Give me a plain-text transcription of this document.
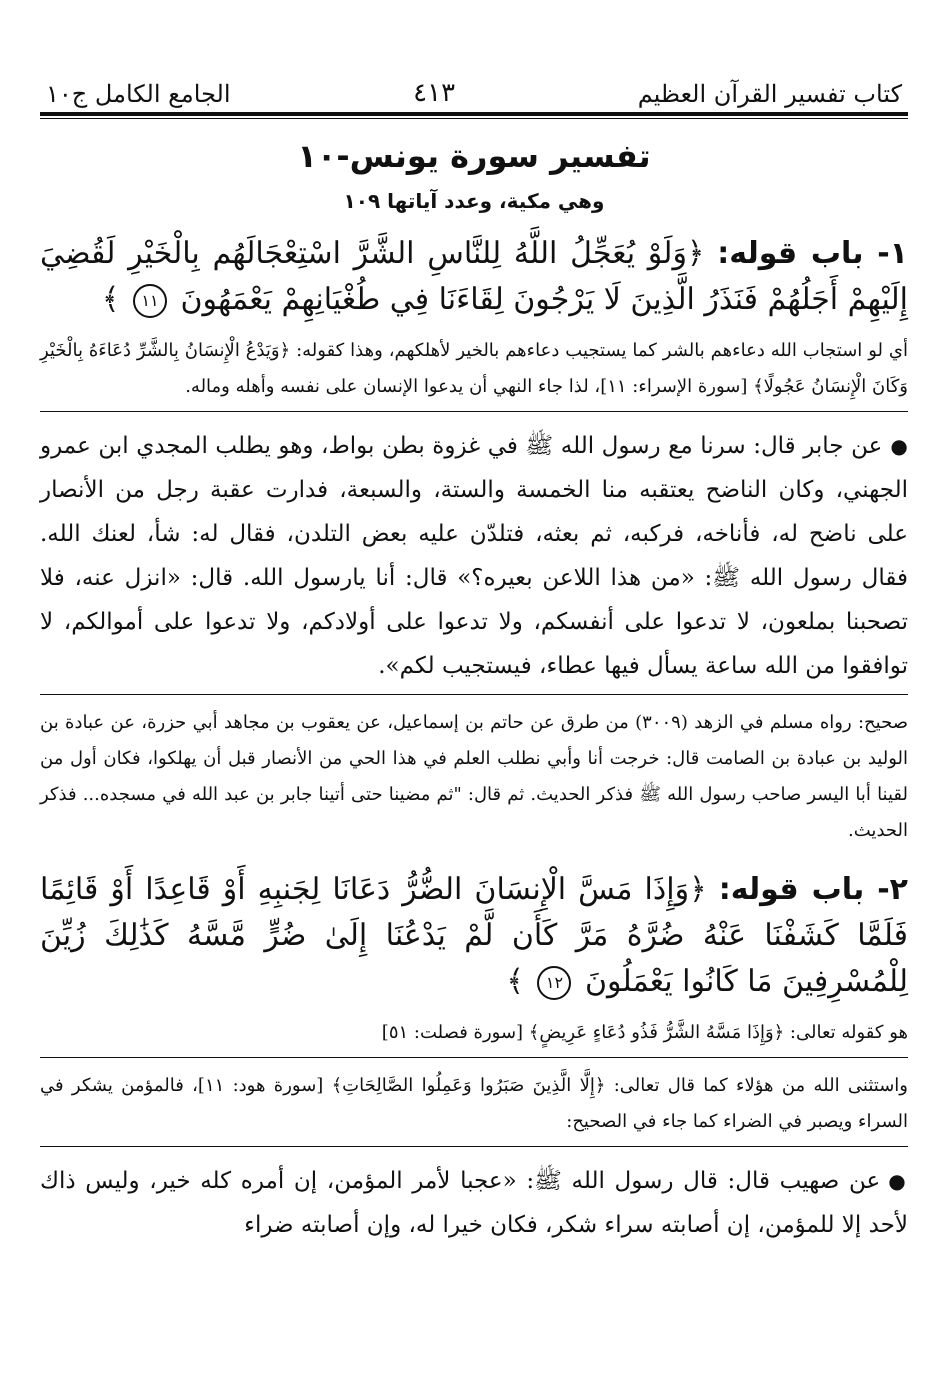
كتاب تفسير القرآن العظيم
٤١٣
الجامع الكامل ج١٠
تفسير سورة يونس-١٠
وهي مكية، وعدد آياتها ١٠٩
١- باب قوله: ﴿وَلَوْ يُعَجِّلُ اللَّهُ لِلنَّاسِ الشَّرَّ اسْتِعْجَالَهُم بِالْخَيْرِ لَقُضِيَ إِلَيْهِمْ أَجَلُهُمْ فَنَذَرُ الَّذِينَ لَا يَرْجُونَ لِقَاءَنَا فِي طُغْيَانِهِمْ يَعْمَهُونَ ١١ ﴾
أي لو استجاب الله دعاءهم بالشر كما يستجيب دعاءهم بالخير لأهلكهم، وهذا كقوله: ﴿وَيَدْعُ الْإِنسَانُ بِالشَّرِّ دُعَاءَهُ بِالْخَيْرِ وَكَانَ الْإِنسَانُ عَجُولًا﴾ [سورة الإسراء: ١١]، لذا جاء النهي أن يدعوا الإنسان على نفسه وأهله وماله.
●عن جابر قال: سرنا مع رسول الله ﷺ في غزوة بطن بواط، وهو يطلب المجدي ابن عمرو الجهني، وكان الناضح يعتقبه منا الخمسة والستة، والسبعة، فدارت عقبة رجل من الأنصار على ناضح له، فأناخه، فركبه، ثم بعثه، فتلدّن عليه بعض التلدن، فقال له: شأ، لعنك الله. فقال رسول الله ﷺ: «من هذا اللاعن بعيره؟» قال: أنا يارسول الله. قال: «انزل عنه، فلا تصحبنا بملعون، لا تدعوا على أنفسكم، ولا تدعوا على أولادكم، ولا تدعوا على أموالكم، لا توافقوا من الله ساعة يسأل فيها عطاء، فيستجيب لكم».
صحيح: رواه مسلم في الزهد (٣٠٠٩) من طرق عن حاتم بن إسماعيل، عن يعقوب بن مجاهد أبي حزرة، عن عبادة بن الوليد بن عبادة بن الصامت قال: خرجت أنا وأبي نطلب العلم في هذا الحي من الأنصار قبل أن يهلكوا، فكان أول من لقينا أبا اليسر صاحب رسول الله ﷺ فذكر الحديث. ثم قال: "ثم مضينا حتى أتينا جابر بن عبد الله في مسجده... فذكر الحديث.
٢- باب قوله: ﴿وَإِذَا مَسَّ الْإِنسَانَ الضُّرُّ دَعَانَا لِجَنبِهِ أَوْ قَاعِدًا أَوْ قَائِمًا فَلَمَّا كَشَفْنَا عَنْهُ ضُرَّهُ مَرَّ كَأَن لَّمْ يَدْعُنَا إِلَىٰ ضُرٍّ مَّسَّهُ كَذَٰلِكَ زُيِّنَ لِلْمُسْرِفِينَ مَا كَانُوا يَعْمَلُونَ ١٢ ﴾
هو كقوله تعالى: ﴿وَإِذَا مَسَّهُ الشَّرُّ فَذُو دُعَاءٍ عَرِيضٍ﴾ [سورة فصلت: ٥١]
واستثنى الله من هؤلاء كما قال تعالى: ﴿إِلَّا الَّذِينَ صَبَرُوا وَعَمِلُوا الصَّالِحَاتِ﴾ [سورة هود: ١١]، فالمؤمن يشكر في السراء ويصبر في الضراء كما جاء في الصحيح:
●عن صهيب قال: قال رسول الله ﷺ: «عجبا لأمر المؤمن، إن أمره كله خير، وليس ذاك لأحد إلا للمؤمن، إن أصابته سراء شكر، فكان خيرا له، وإن أصابته ضراء
